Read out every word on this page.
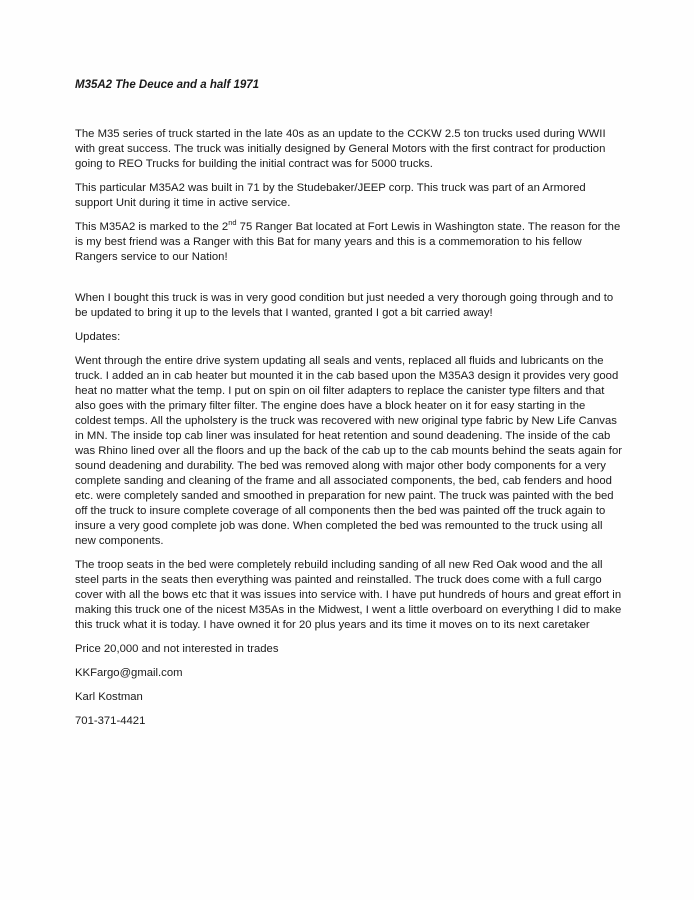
M35A2 The Deuce and a half 1971

The M35 series of truck started in the late 40s as an update to the CCKW 2.5 ton trucks used during WWII with great success. The truck was initially designed by General Motors with the first contract for production going to REO Trucks for building the initial contract was for 5000 trucks.

This particular M35A2 was built in 71 by the Studebaker/JEEP corp. This truck was part of an Armored support Unit during it time in active service.

This M35A2 is marked to the 2nd 75 Ranger Bat located at Fort Lewis in Washington state. The reason for the is my best friend was a Ranger with this Bat for many years and this is a commemoration to his fellow Rangers service to our Nation!

When I bought this truck is was in very good condition but just needed a very thorough going through and to be updated to bring it up to the levels that I wanted, granted I got a bit carried away!

Updates:

Went through the entire drive system updating all seals and vents, replaced all fluids and lubricants on the truck. I added an in cab heater but mounted it in the cab based upon the M35A3 design it provides very good heat no matter what the temp. I put on spin on oil filter adapters to replace the canister type filters and that also goes with the primary filter filter. The engine does have a block heater on it for easy starting in the coldest temps. All the upholstery is the truck was recovered with new original type fabric by New Life Canvas in MN. The inside top cab liner was insulated for heat retention and sound deadening. The inside of the cab was Rhino lined over all the floors and up the back of the cab up to the cab mounts behind the seats again for sound deadening and durability. The bed was removed along with major other body components for a very complete sanding and cleaning of the frame and all associated components, the bed, cab fenders and hood etc. were completely sanded and smoothed in preparation for new paint. The truck was painted with the bed off the truck to insure complete coverage of all components then the bed was painted off the truck again to insure a very good complete job was done. When completed the bed was remounted to the truck using all new components.

The troop seats in the bed were completely rebuild including sanding of all new Red Oak wood and the all steel parts in the seats then everything was painted and reinstalled. The truck does come with a full cargo cover with all the bows etc that it was issues into service with. I have put hundreds of hours and great effort in making this truck one of the nicest M35As in the Midwest, I went a little overboard on everything I did to make this truck what it is today. I have owned it for 20 plus years and its time it moves on to its next caretaker

Price 20,000 and not interested in trades

KKFargo@gmail.com

Karl Kostman

701-371-4421
